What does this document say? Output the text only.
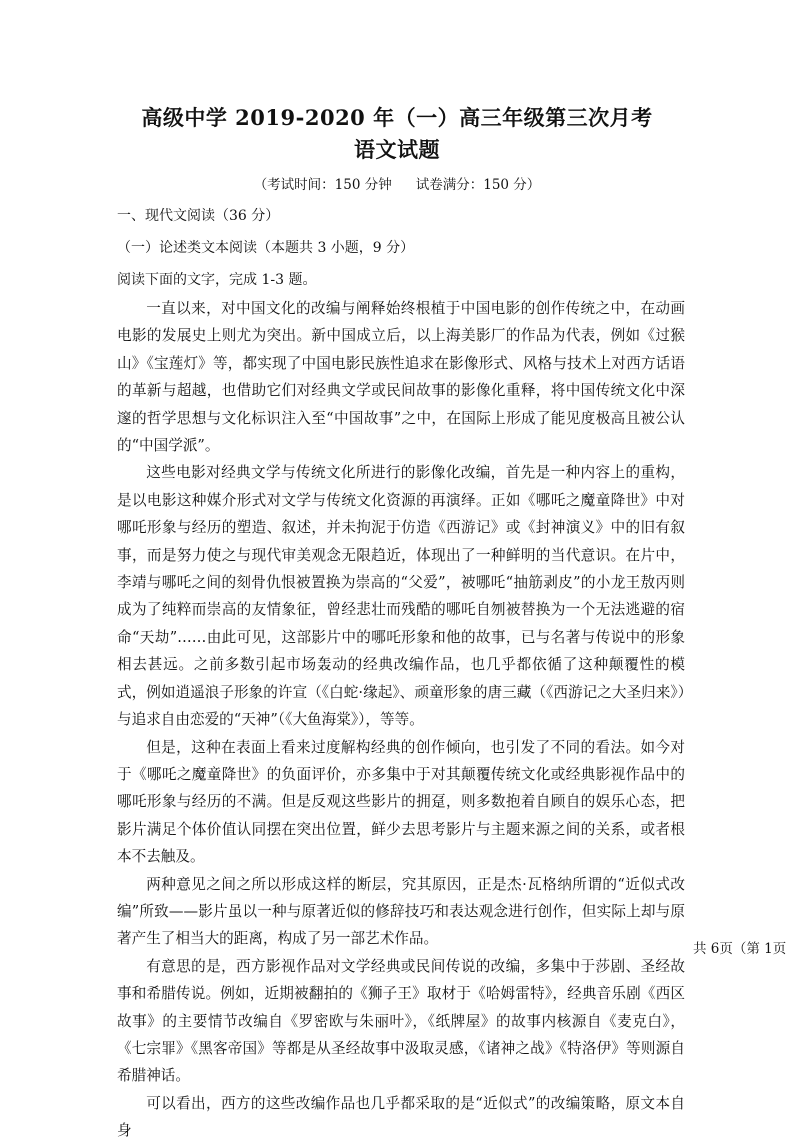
高级中学 2019-2020 年（一）高三年级第三次月考
语文试题
（考试时间：150 分钟 试卷满分：150 分）
一、现代文阅读（36 分）
（一）论述类文本阅读（本题共 3 小题，9 分）
阅读下面的文字，完成 1-3 题。

一直以来，对中国文化的改编与阐释始终根植于中国电影的创作传统之中，在动画电影的发展史上则尤为突出。新中国成立后，以上海美影厂的作品为代表，例如《过猴山》《宝莲灯》等，都实现了中国电影民族性追求在影像形式、风格与技术上对西方话语的革新与超越，也借助它们对经典文学或民间故事的影像化重释，将中国传统文化中深邃的哲学思想与文化标识注入至“中国故事”之中，在国际上形成了能见度极高且被公认的“中国学派”。

这些电影对经典文学与传统文化所进行的影像化改编，首先是一种内容上的重构，是以电影这种媒介形式对文学与传统文化资源的再演绎。正如《哪吒之魔童降世》中对哪吒形象与经历的塑造、叙述，并未拘泥于仿造《西游记》或《封神演义》中的旧有叙事，而是努力使之与现代审美观念无限趋近，体现出了一种鲜明的当代意识。在片中，李靖与哪吒之间的刻骨仇恨被置换为崇高的“父爱”，被哪吒“抽筋剥皮”的小龙王敖丙则成为了纯粹而崇高的友情象征，曾经悲壮而残酷的哪吒自刎被替换为一个无法逃避的宿命“天劫”……由此可见，这部影片中的哪吒形象和他的故事，已与名著与传说中的形象相去甚远。之前多数引起市场轰动的经典改编作品，也几乎都依循了这种颠覆性的模式，例如逍遥浪子形象的许宣（《白蛇·缘起》、顽童形象的唐三藏（《西游记之大圣归来》）与追求自由恋爱的“天神”（《大鱼海棠》），等等。

但是，这种在表面上看来过度解构经典的创作倾向，也引发了不同的看法。如今对于《哪吒之魔童降世》的负面评价，亦多集中于对其颠覆传统文化或经典影视作品中的哪吒形象与经历的不满。但是反观这些影片的拥趸，则多数抱着自顾自的娱乐心态，把影片满足个体价值认同摆在突出位置，鲜少去思考影片与主题来源之间的关系，或者根本不去触及。

两种意见之间之所以形成这样的断层，究其原因，正是杰·瓦格纳所谓的“近似式改编”所致——影片虽以一种与原著近似的修辞技巧和表达观念进行创作，但实际上却与原著产生了相当大的距离，构成了另一部艺术作品。

有意思的是，西方影视作品对文学经典或民间传说的改编，多集中于莎剧、圣经故事和希腊传说。例如，近期被翻拍的《狮子王》取材于《哈姆雷特》，经典音乐剧《西区故事》的主要情节改编自《罗密欧与朱丽叶》，《纸牌屋》的故事内核源自《麦克白》，《七宗罪》《黑客帝国》等都是从圣经故事中汲取灵感，《诸神之战》《特洛伊》等则源自希腊神话。

可以看出，西方的这些改编作品也几乎都采取的是“近似式”的改编策略，原文本自身

共 6页（第 1页
